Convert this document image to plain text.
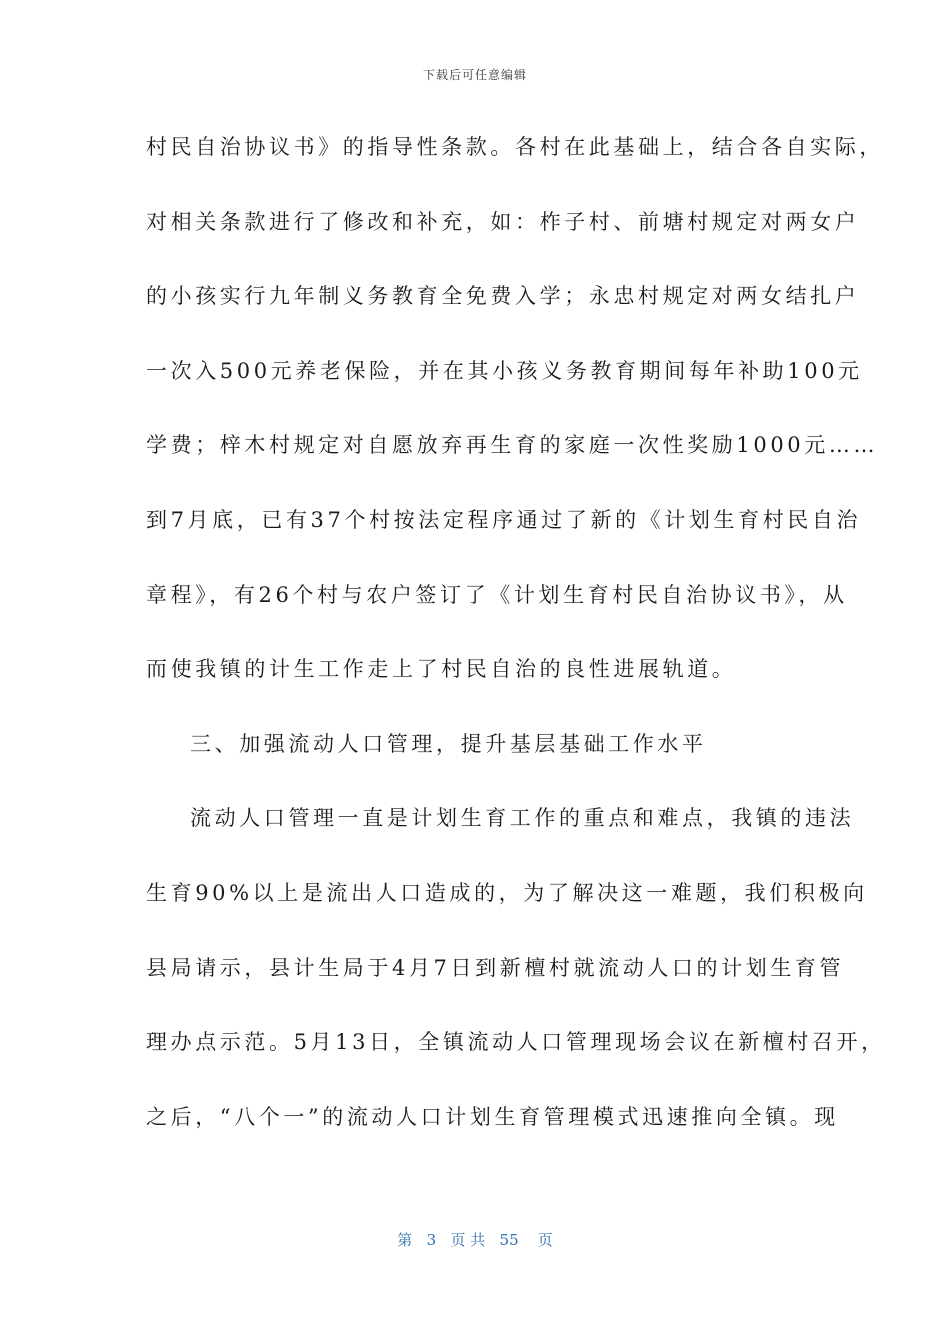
下载后可任意编辑
村民自治协议书》的指导性条款。各村在此基础上，结合各自实际，
对相关条款进行了修改和补充，如：柞子村、前塘村规定对两女户
的小孩实行九年制义务教育全免费入学；永忠村规定对两女结扎户
一次入500元养老保险，并在其小孩义务教育期间每年补助100元
学费；梓木村规定对自愿放弃再生育的家庭一次性奖励1000元……
到7月底，已有37个村按法定程序通过了新的《计划生育村民自治
章程》，有26个村与农户签订了《计划生育村民自治协议书》，从
而使我镇的计生工作走上了村民自治的良性进展轨道。
三、加强流动人口管理，提升基层基础工作水平
流动人口管理一直是计划生育工作的重点和难点，我镇的违法
生育90%以上是流出人口造成的，为了解决这一难题，我们积极向
县局请示，县计生局于4月7日到新檀村就流动人口的计划生育管
理办点示范。5月13日，全镇流动人口管理现场会议在新檀村召开，
之后，“八个一”的流动人口计划生育管理模式迅速推向全镇。现
第 3 页 共 55 页
